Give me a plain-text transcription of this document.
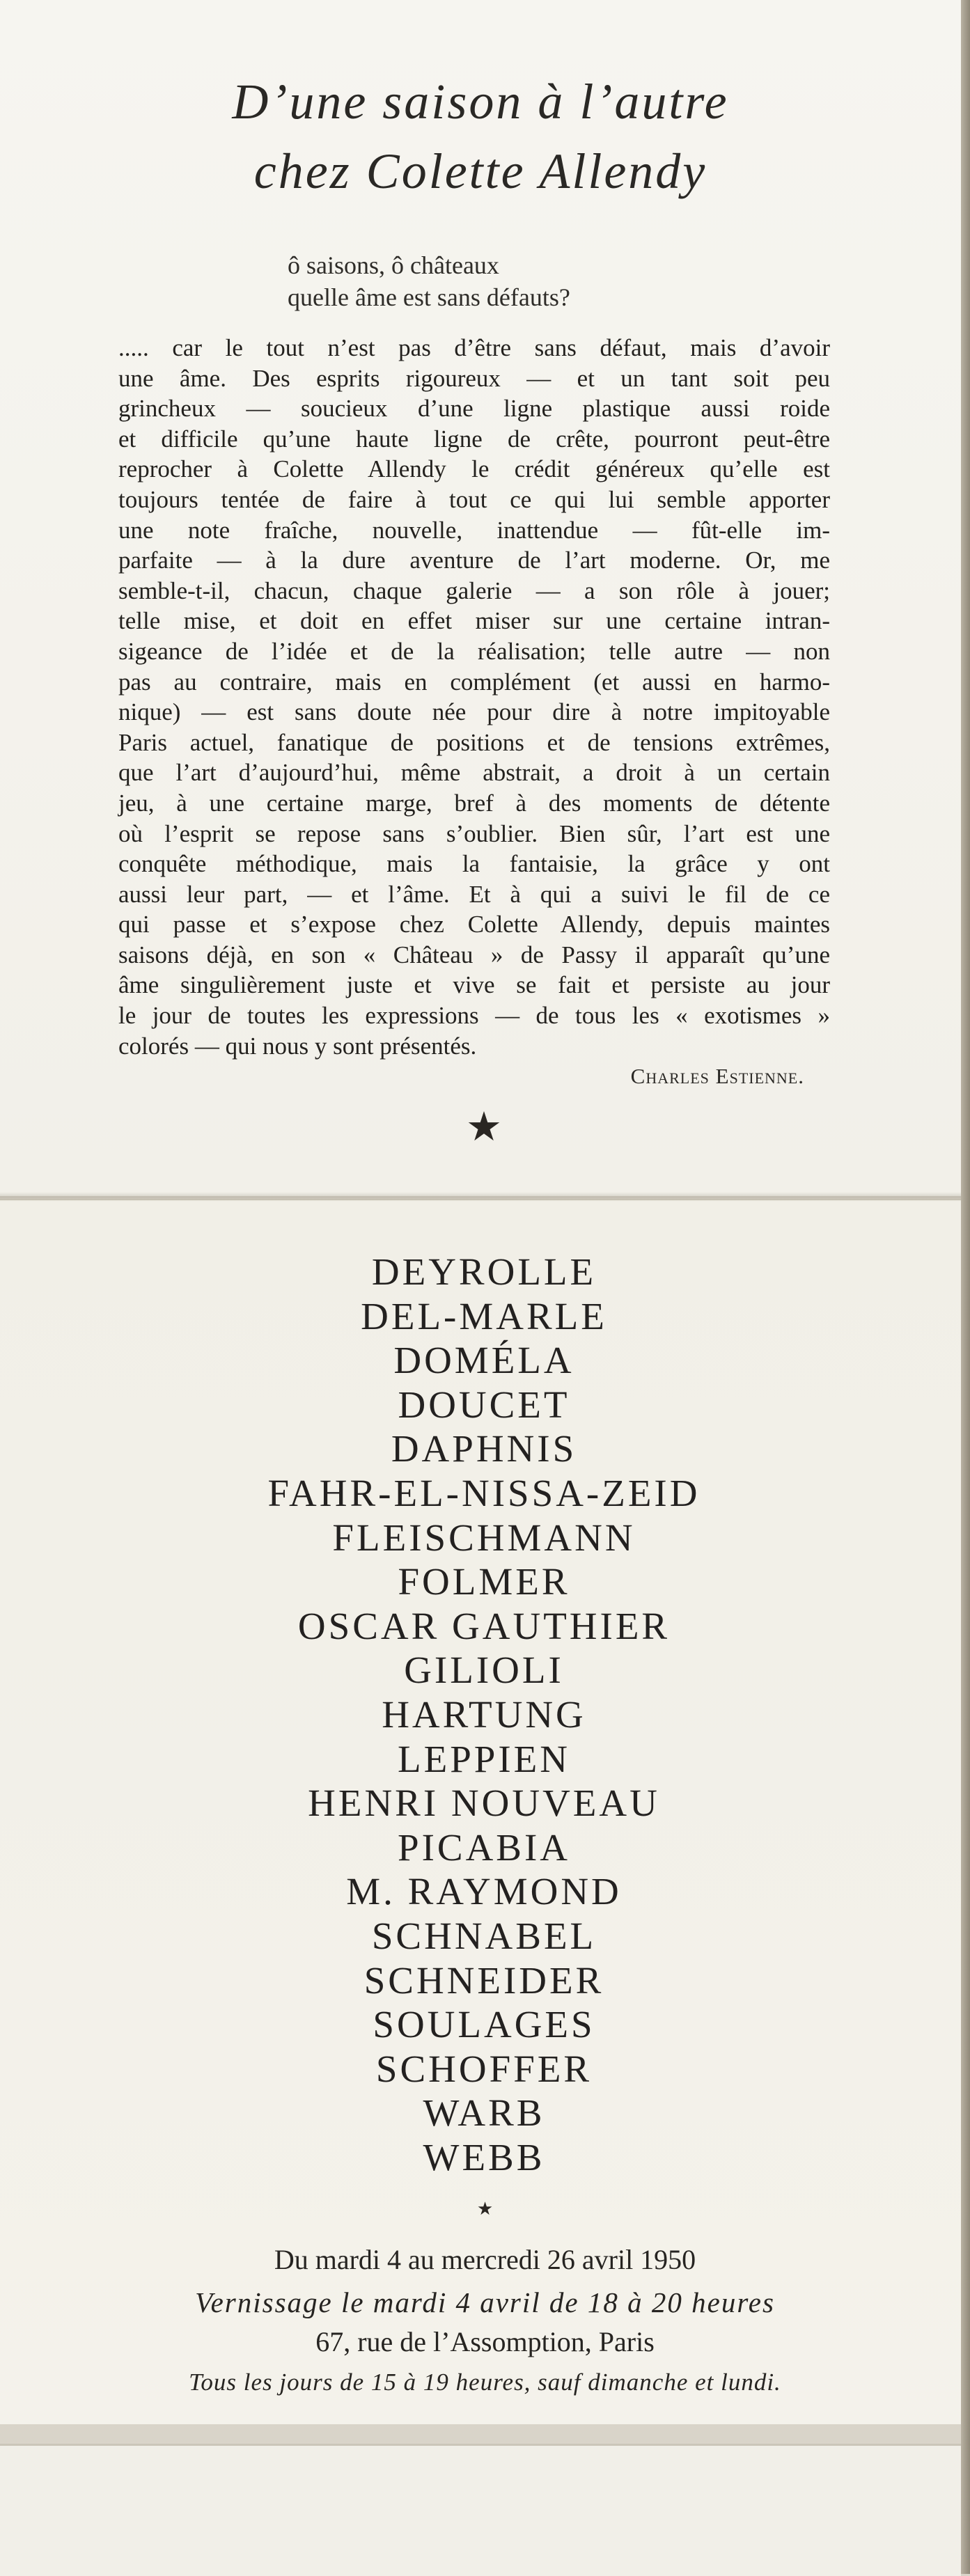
D’une saison à l’autre
chez Colette Allendy
ô saisons, ô châteaux
quelle âme est sans défauts?
..... car le tout n’est pas d’être sans défaut, mais d’avoir
une âme. Des esprits rigoureux — et un tant soit peu
grincheux — soucieux d’une ligne plastique aussi roide
et difficile qu’une haute ligne de crête, pourront peut-être
reprocher à Colette Allendy le crédit généreux qu’elle est
toujours tentée de faire à tout ce qui lui semble apporter
une note fraîche, nouvelle, inattendue — fût-elle im-
parfaite — à la dure aventure de l’art moderne. Or, me
semble-t-il, chacun, chaque galerie — a son rôle à jouer;
telle mise, et doit en effet miser sur une certaine intran-
sigeance de l’idée et de la réalisation; telle autre — non
pas au contraire, mais en complément (et aussi en harmo-
nique) — est sans doute née pour dire à notre impitoyable
Paris actuel, fanatique de positions et de tensions extrêmes,
que l’art d’aujourd’hui, même abstrait, a droit à un certain
jeu, à une certaine marge, bref à des moments de détente
où l’esprit se repose sans s’oublier. Bien sûr, l’art est une
conquête méthodique, mais la fantaisie, la grâce y ont
aussi leur part, — et l’âme. Et à qui a suivi le fil de ce
qui passe et s’expose chez Colette Allendy, depuis maintes
saisons déjà, en son « Château » de Passy il apparaît qu’une
âme singulièrement juste et vive se fait et persiste au jour
le jour de toutes les expressions — de tous les « exotismes »
colorés — qui nous y sont présentés.
Charles Estienne.
★
DEYROLLE
DEL-MARLE
DOMÉLA
DOUCET
DAPHNIS
FAHR-EL-NISSA-ZEID
FLEISCHMANN
FOLMER
OSCAR GAUTHIER
GILIOLI
HARTUNG
LEPPIEN
HENRI NOUVEAU
PICABIA
M. RAYMOND
SCHNABEL
SCHNEIDER
SOULAGES
SCHOFFER
WARB
WEBB
★
Du mardi 4 au mercredi 26 avril 1950
Vernissage le mardi 4 avril de 18 à 20 heures
67, rue de l’Assomption, Paris
Tous les jours de 15 à 19 heures, sauf dimanche et lundi.
